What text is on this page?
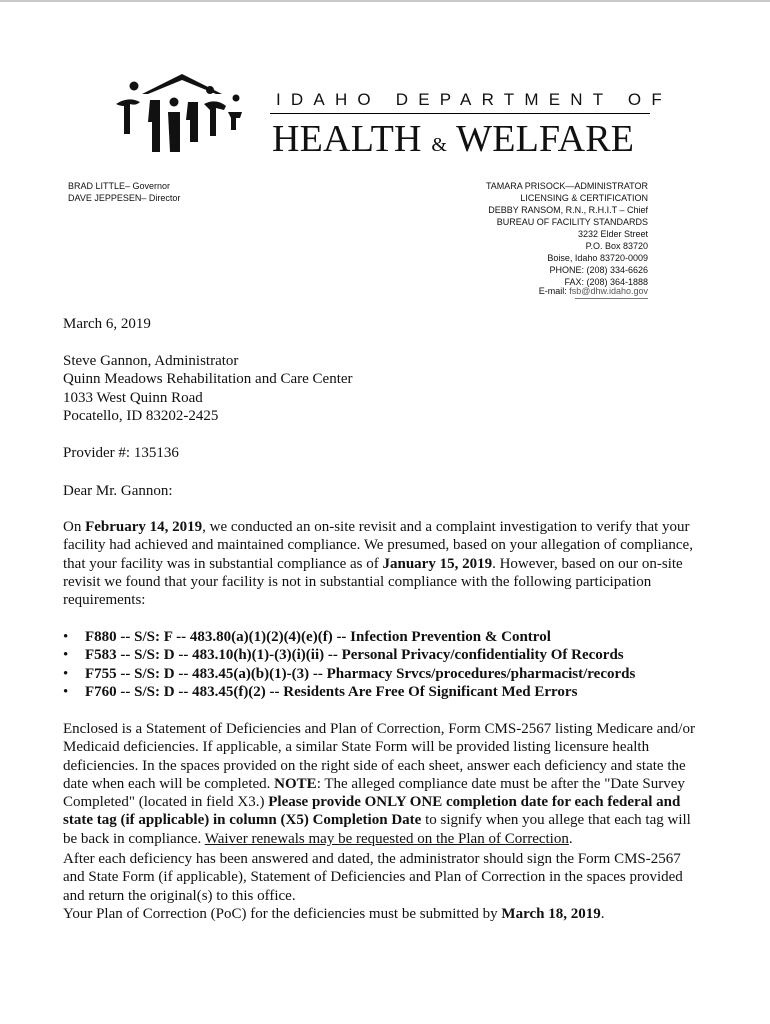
IDAHO DEPARTMENT OF
HEALTH & WELFARE
BRAD LITTLE– Governor
DAVE JEPPESEN– Director
TAMARA PRISOCK—ADMINISTRATOR
LICENSING & CERTIFICATION
DEBBY RANSOM, R.N., R.H.I.T – Chief
BUREAU OF FACILITY STANDARDS
3232 Elder Street
P.O. Box 83720
Boise, Idaho 83720-0009
PHONE: (208) 334-6626
FAX: (208) 364-1888
E-mail: fsb@dhw.idaho.gov
March 6, 2019
Steve Gannon, Administrator
Quinn Meadows Rehabilitation and Care Center
1033 West Quinn Road
Pocatello, ID 83202-2425
Provider #: 135136
Dear Mr. Gannon:
On February 14, 2019, we conducted an on-site revisit and a complaint investigation to verify that your
facility had achieved and maintained compliance. We presumed, based on your allegation of compliance,
that your facility was in substantial compliance as of January 15, 2019. However, based on our on-site
revisit we found that your facility is not in substantial compliance with the following participation
requirements:
• F880 -- S/S: F -- 483.80(a)(1)(2)(4)(e)(f) -- Infection Prevention & Control
• F583 -- S/S: D -- 483.10(h)(1)-(3)(i)(ii) -- Personal Privacy/confidentiality Of Records
• F755 -- S/S: D -- 483.45(a)(b)(1)-(3) -- Pharmacy Srvcs/procedures/pharmacist/records
• F760 -- S/S: D -- 483.45(f)(2) -- Residents Are Free Of Significant Med Errors
Enclosed is a Statement of Deficiencies and Plan of Correction, Form CMS-2567 listing Medicare and/or
Medicaid deficiencies. If applicable, a similar State Form will be provided listing licensure health
deficiencies. In the spaces provided on the right side of each sheet, answer each deficiency and state the
date when each will be completed. NOTE: The alleged compliance date must be after the "Date Survey
Completed" (located in field X3.) Please provide ONLY ONE completion date for each federal and
state tag (if applicable) in column (X5) Completion Date to signify when you allege that each tag will
be back in compliance. Waiver renewals may be requested on the Plan of Correction.
After each deficiency has been answered and dated, the administrator should sign the Form CMS-2567
and State Form (if applicable), Statement of Deficiencies and Plan of Correction in the spaces provided
and return the original(s) to this office.
Your Plan of Correction (PoC) for the deficiencies must be submitted by March 18, 2019.
